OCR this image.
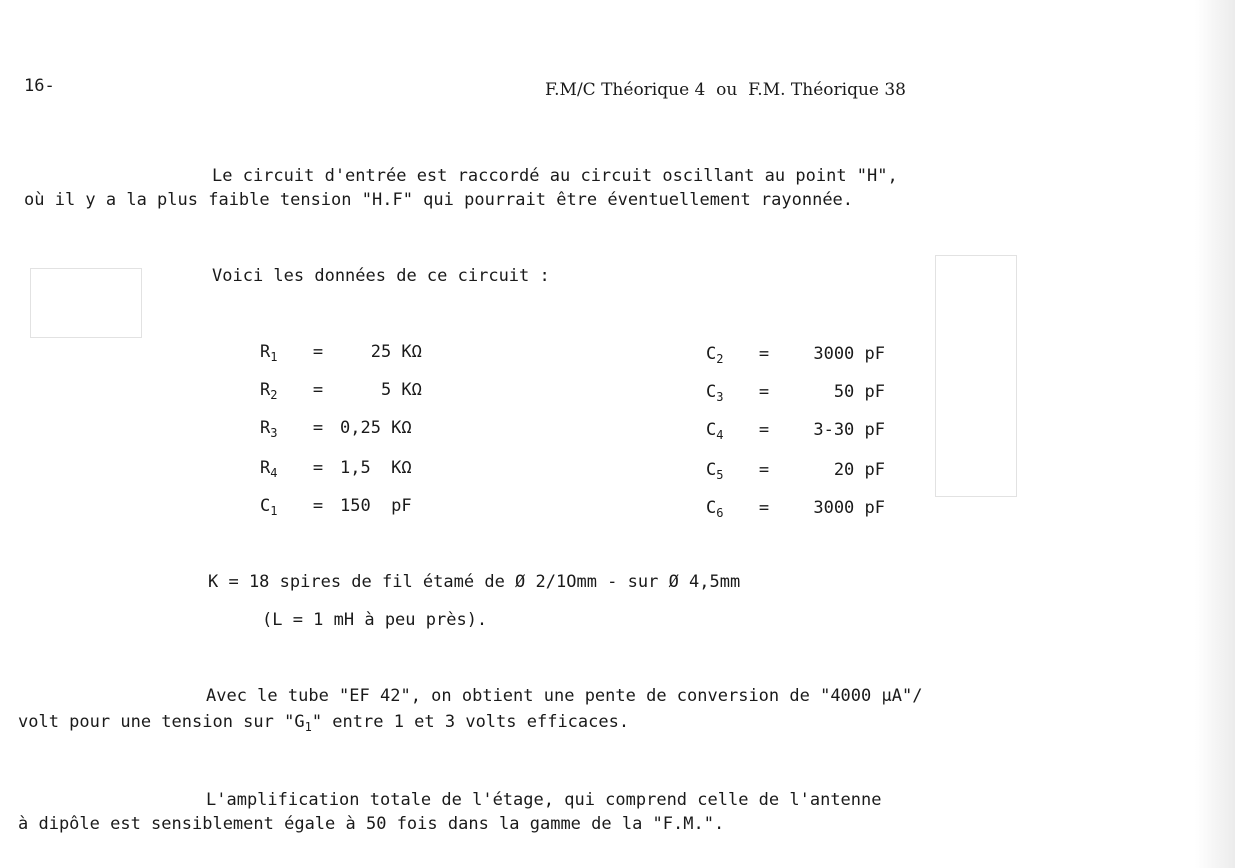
16-	F.M/C Théorique 4  ou  F.M. Théorique 38
Le circuit d'entrée est raccordé au circuit oscillant au point "H",
où il y a la plus faible tension "H.F" qui pourrait être éventuellement rayonnée.
Voici les données de ce circuit :
$R_1$	= 25 KΩ
$R_2$	= 5 KΩ
$R_3$	= 0,25 KΩ
$R_4$	= 1,5  KΩ
$C_1$	= 150  pF
$C_2$	=	3000 pF
$C_3$	=	50 pF
$C_4$	=	3-30 pF
$C_5$	=	20 pF
$C_6$	=	3000 pF
K = 18 spires de fil étamé de Ø 2/1Omm - sur Ø 4,5mm
(L = 1 mH à peu près).
Avec le tube "EF 42", on obtient une pente de conversion de "4000 µA"/
volt pour une tension sur "$G_1$" entre 1 et 3 volts efficaces.
L'amplification totale de l'étage, qui comprend celle de l'antenne
à dipôle est sensiblement égale à 50 fois dans la gamme de la "F.M.".
